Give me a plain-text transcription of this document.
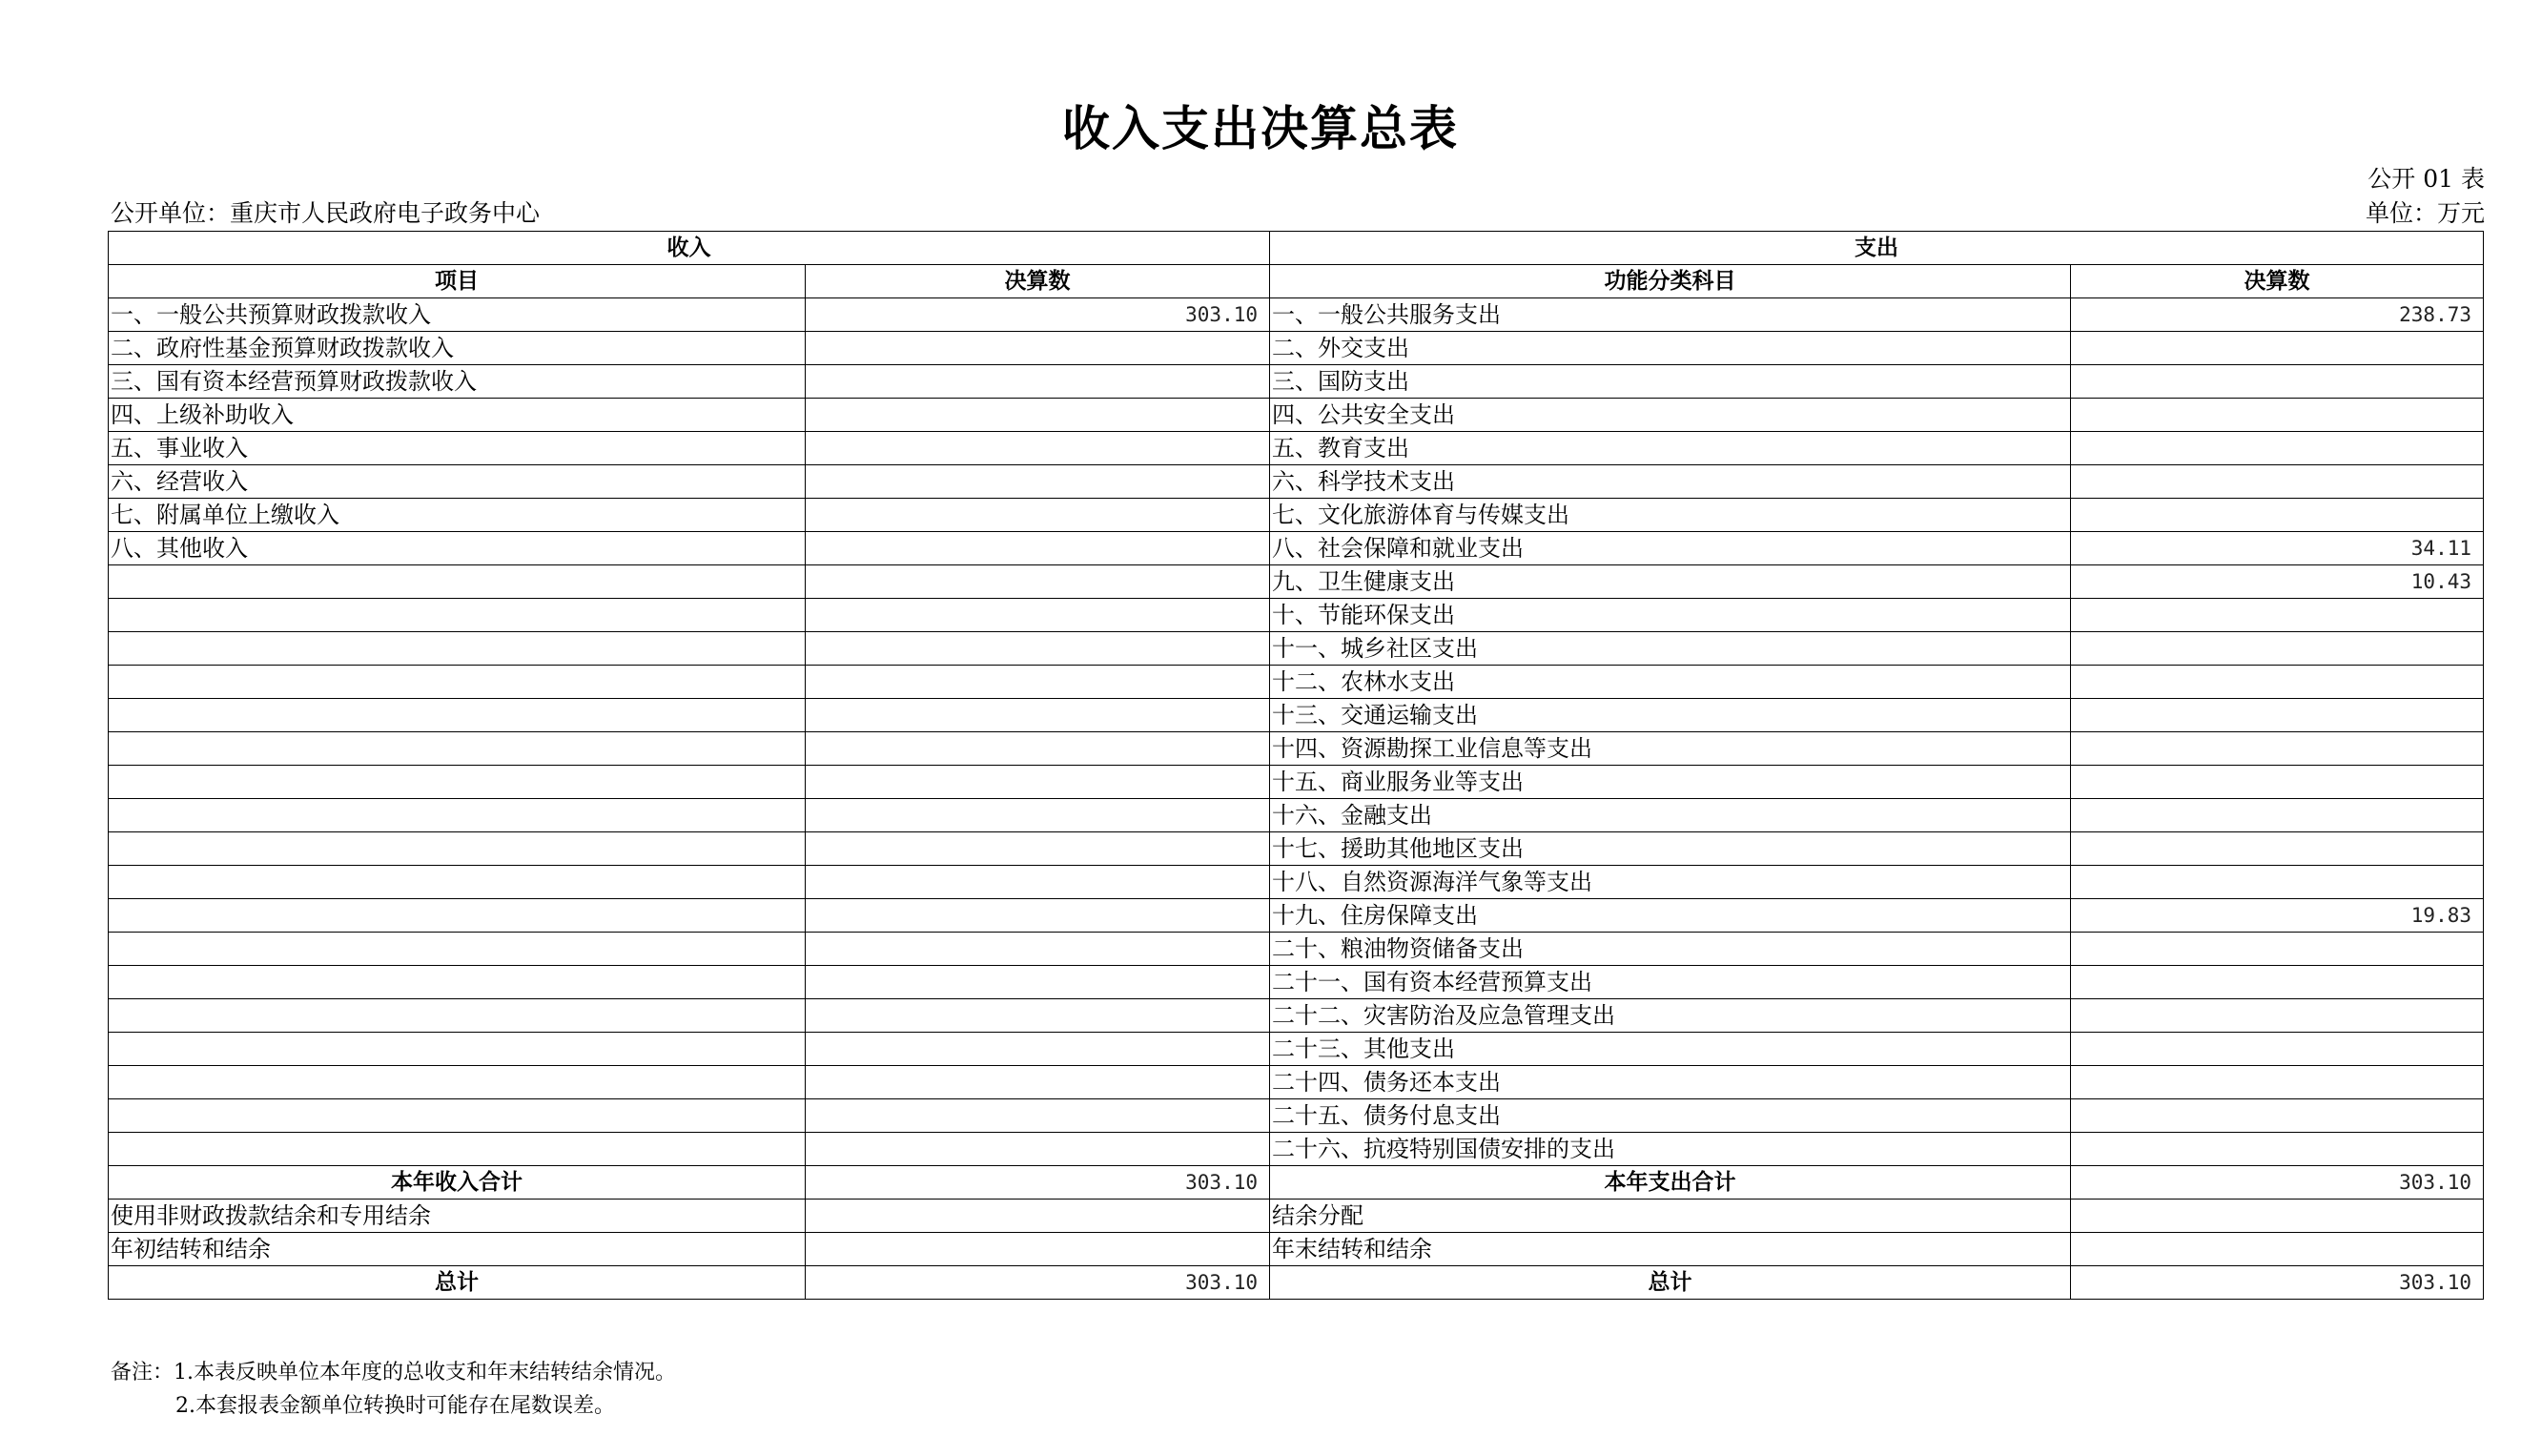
收入支出决算总表
公开 01 表
公开单位：重庆市人民政府电子政务中心	单位：万元
收入		支出	
项目	决算数	功能分类科目	决算数
一、一般公共预算财政拨款收入	303.10	一、一般公共服务支出	238.73
二、政府性基金预算财政拨款收入		二、外交支出	
三、国有资本经营预算财政拨款收入		三、国防支出	
四、上级补助收入		四、公共安全支出	
五、事业收入		五、教育支出	
六、经营收入		六、科学技术支出	
七、附属单位上缴收入		七、文化旅游体育与传媒支出	
八、其他收入		八、社会保障和就业支出	34.11
		九、卫生健康支出	10.43
		十、节能环保支出	
		十一、城乡社区支出	
		十二、农林水支出	
		十三、交通运输支出	
		十四、资源勘探工业信息等支出	
		十五、商业服务业等支出	
		十六、金融支出	
		十七、援助其他地区支出	
		十八、自然资源海洋气象等支出	
		十九、住房保障支出	19.83
		二十、粮油物资储备支出	
		二十一、国有资本经营预算支出	
		二十二、灾害防治及应急管理支出	
		二十三、其他支出	
		二十四、债务还本支出	
		二十五、债务付息支出	
		二十六、抗疫特别国债安排的支出	
本年收入合计	303.10	本年支出合计	303.10
使用非财政拨款结余和专用结余		结余分配	
年初结转和结余		年末结转和结余	
总计	303.10	总计	303.10
备注：1.本表反映单位本年度的总收支和年末结转结余情况。
2.本套报表金额单位转换时可能存在尾数误差。
